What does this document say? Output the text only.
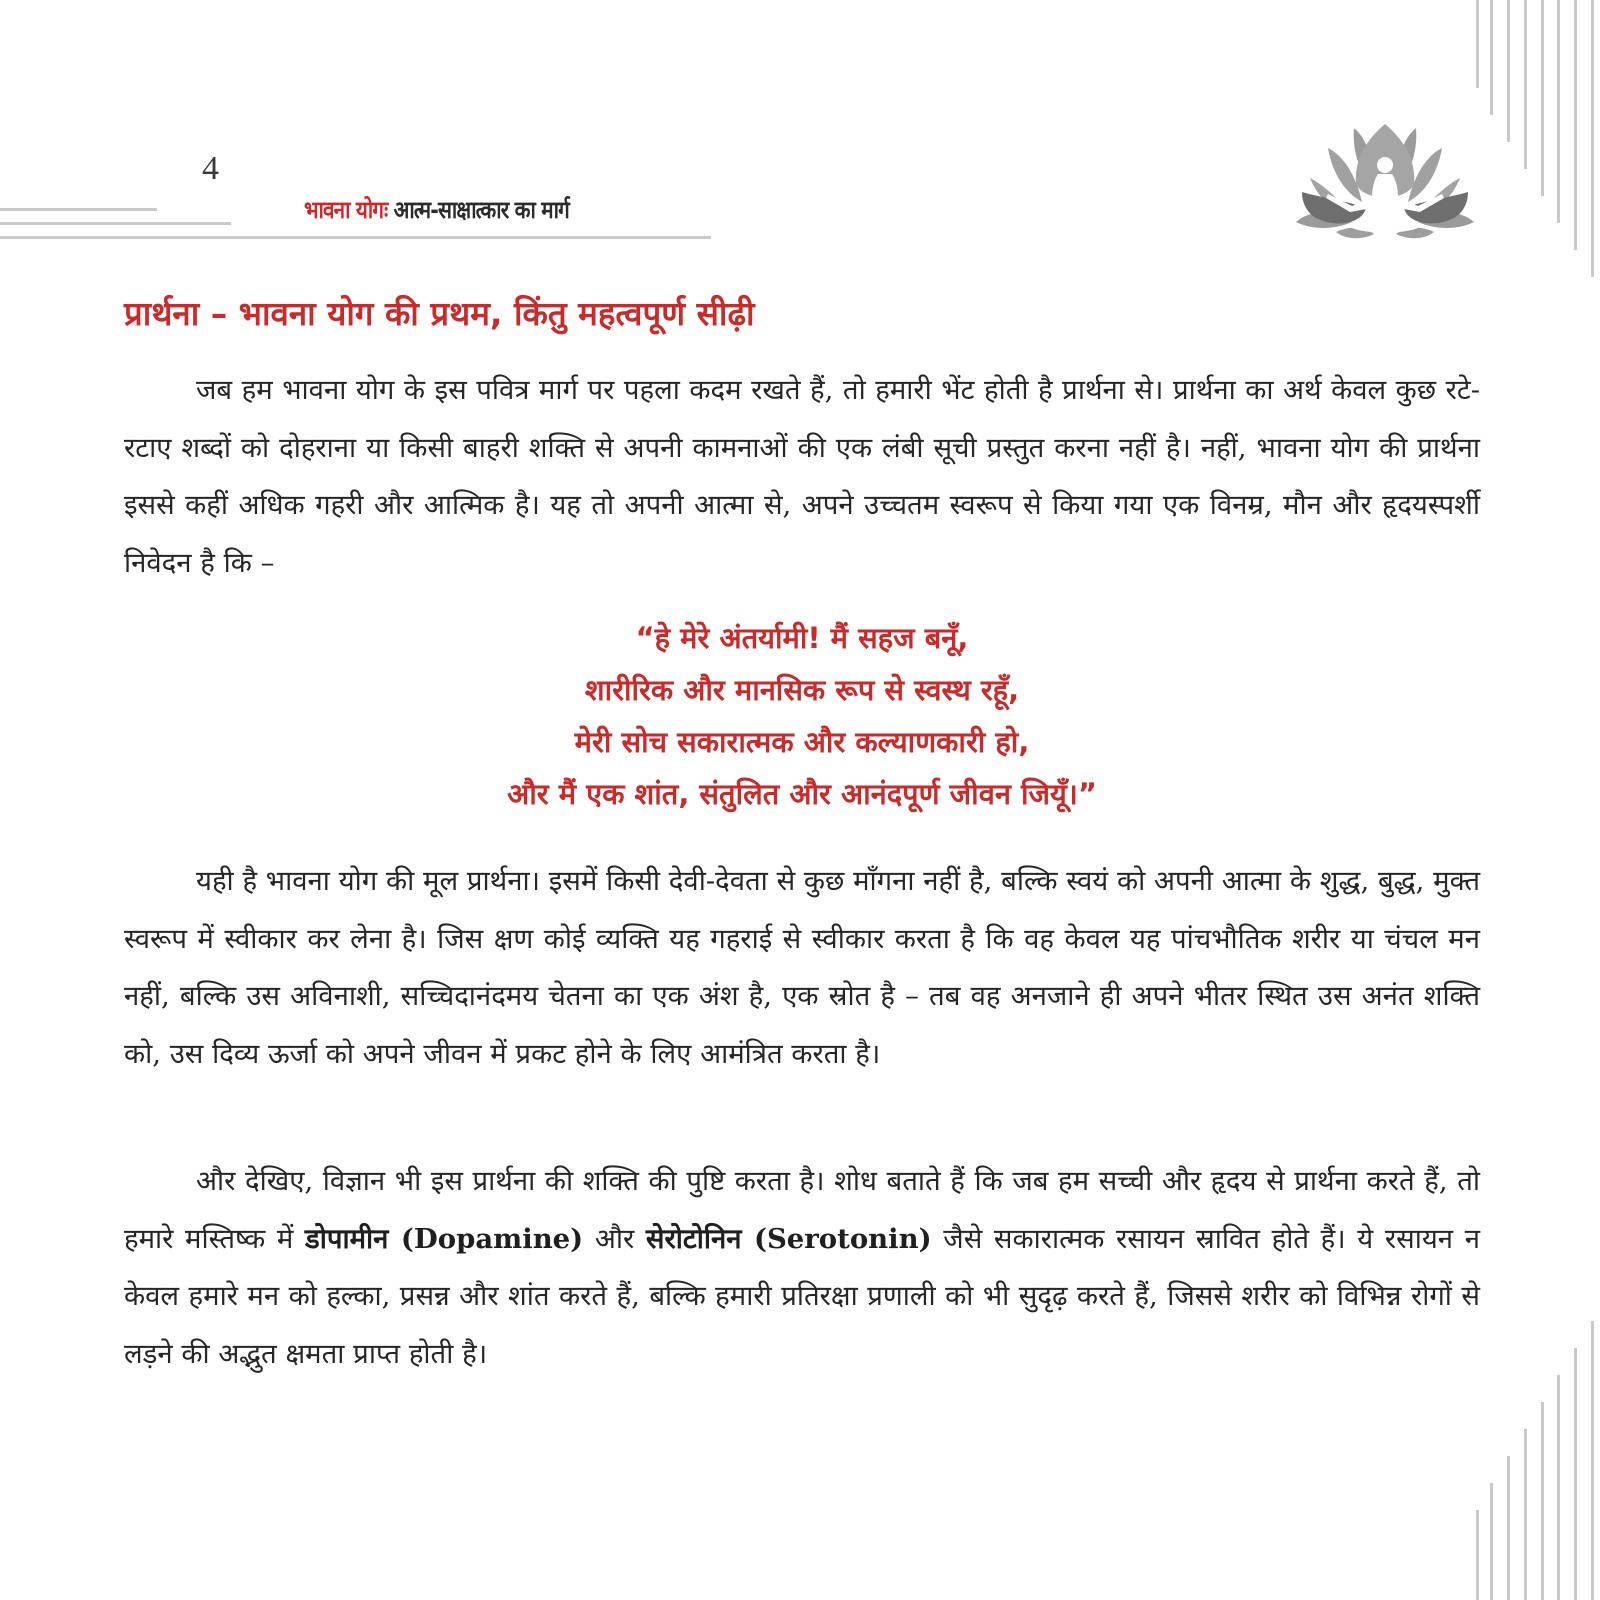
4
भावना योगः आत्म-साक्षात्कार का मार्ग
प्रार्थना – भावना योग की प्रथम, किंतु महत्वपूर्ण सीढ़ी

जब हम भावना योग के इस पवित्र मार्ग पर पहला कदम रखते हैं, तो हमारी भेंट होती है प्रार्थना से। प्रार्थना का अर्थ केवल कुछ रटे-रटाए शब्दों को दोहराना या किसी बाहरी शक्ति से अपनी कामनाओं की एक लंबी सूची प्रस्तुत करना नहीं है। नहीं, भावना योग की प्रार्थना इससे कहीं अधिक गहरी और आत्मिक है। यह तो अपनी आत्मा से, अपने उच्चतम स्वरूप से किया गया एक विनम्र, मौन और हृदयस्पर्शी निवेदन है कि –

“हे मेरे अंतर्यामी! मैं सहज बनूँ,
शारीरिक और मानसिक रूप से स्वस्थ रहूँ,
मेरी सोच सकारात्मक और कल्याणकारी हो,
और मैं एक शांत, संतुलित और आनंदपूर्ण जीवन जियूँ।”

यही है भावना योग की मूल प्रार्थना। इसमें किसी देवी-देवता से कुछ माँगना नहीं है, बल्कि स्वयं को अपनी आत्मा के शुद्ध, बुद्ध, मुक्त स्वरूप में स्वीकार कर लेना है। जिस क्षण कोई व्यक्ति यह गहराई से स्वीकार करता है कि वह केवल यह पांचभौतिक शरीर या चंचल मन नहीं, बल्कि उस अविनाशी, सच्चिदानंदमय चेतना का एक अंश है, एक स्रोत है – तब वह अनजाने ही अपने भीतर स्थित उस अनंत शक्ति को, उस दिव्य ऊर्जा को अपने जीवन में प्रकट होने के लिए आमंत्रित करता है।

और देखिए, विज्ञान भी इस प्रार्थना की शक्ति की पुष्टि करता है। शोध बताते हैं कि जब हम सच्ची और हृदय से प्रार्थना करते हैं, तो हमारे मस्तिष्क में डोपामीन (Dopamine) और सेरोटोनिन (Serotonin) जैसे सकारात्मक रसायन स्रावित होते हैं। ये रसायन न केवल हमारे मन को हल्का, प्रसन्न और शांत करते हैं, बल्कि हमारी प्रतिरक्षा प्रणाली को भी सुदृढ़ करते हैं, जिससे शरीर को विभिन्न रोगों से लड़ने की अद्भुत क्षमता प्राप्त होती है।
